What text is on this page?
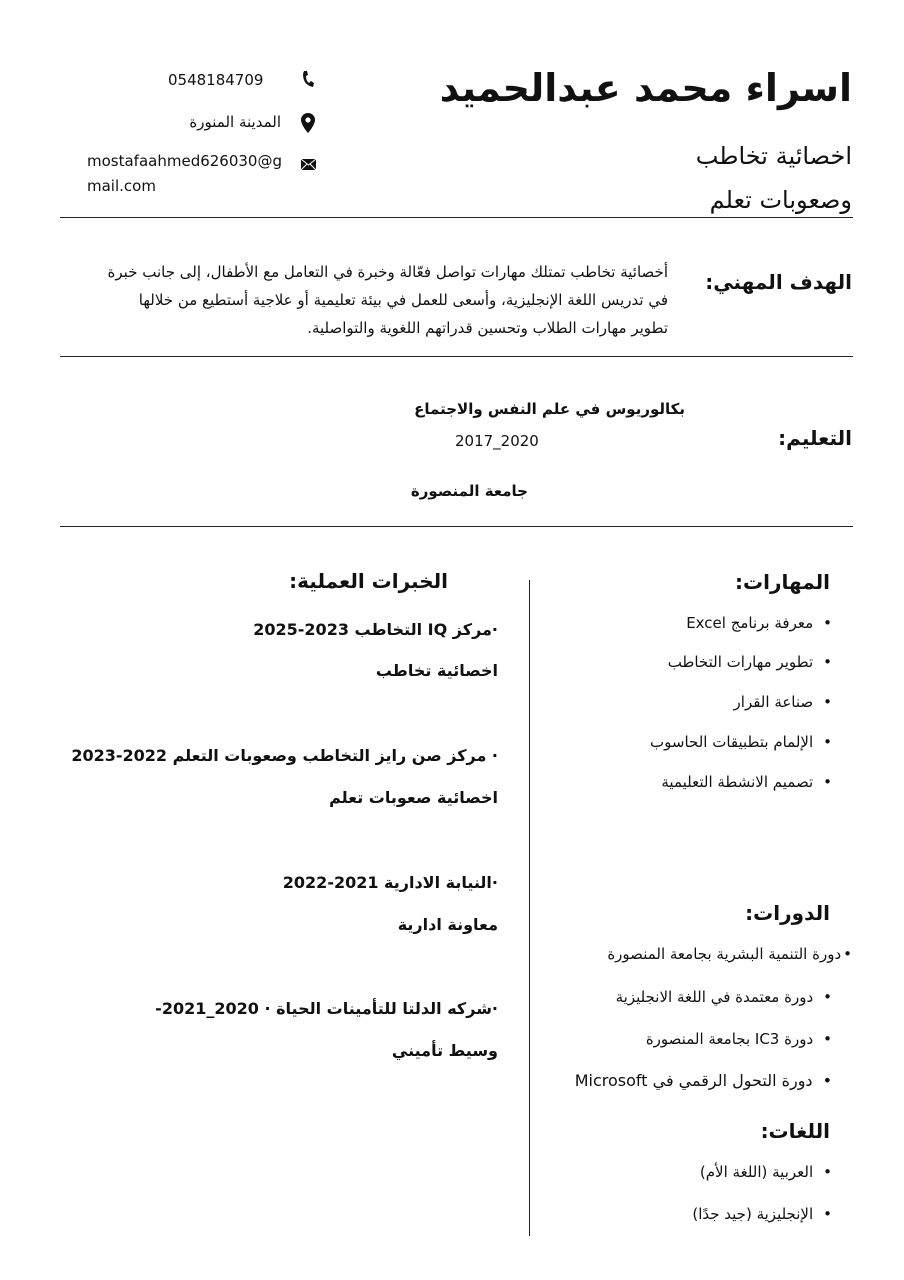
اسراء محمد عبدالحميد
اخصائية تخاطب
وصعوبات تعلم
0548184709
المدينة المنورة
mostafaahmed626030@g
mail.com
الهدف المهني:
أخصائية تخاطب تمتلك مهارات تواصل فعّالة وخبرة في التعامل مع الأطفال، إلى جانب خبرة في تدريس اللغة الإنجليزية، وأسعى للعمل في بيئة تعليمية أو علاجية أستطيع من خلالها تطوير مهارات الطلاب وتحسين قدراتهم اللغوية والتواصلية.
التعليم:
بكالوريوس في علم النفس والاجتماع
2017_2020
جامعة المنصورة
المهارات:
•معرفة برنامج Excel
•تطوير مهارات التخاطب
•صناعة القرار
•الإلمام بتطبيقات الحاسوب
•تصميم الانشطة التعليمية
الدورات:
•دورة التنمية البشرية بجامعة المنصورة
•دورة معتمدة في اللغة الانجليزية
•دورة IC3 بجامعة المنصورة
•دورة التحول الرقمي في Microsoft
اللغات:
•العربية (اللغة الأم)
•الإنجليزية (جيد جدًا)
الخبرات العملية:
·مركز IQ التخاطب 2023-2025
اخصائية تخاطب
· مركز صن رايز التخاطب وصعوبات التعلم 2022-2023
اخصائية صعوبات تعلم
·النيابة الادارية 2021-2022
معاونة ادارية
·شركه الدلتا للتأمينات الحياة · 2020_2021-
وسيط تأميني
